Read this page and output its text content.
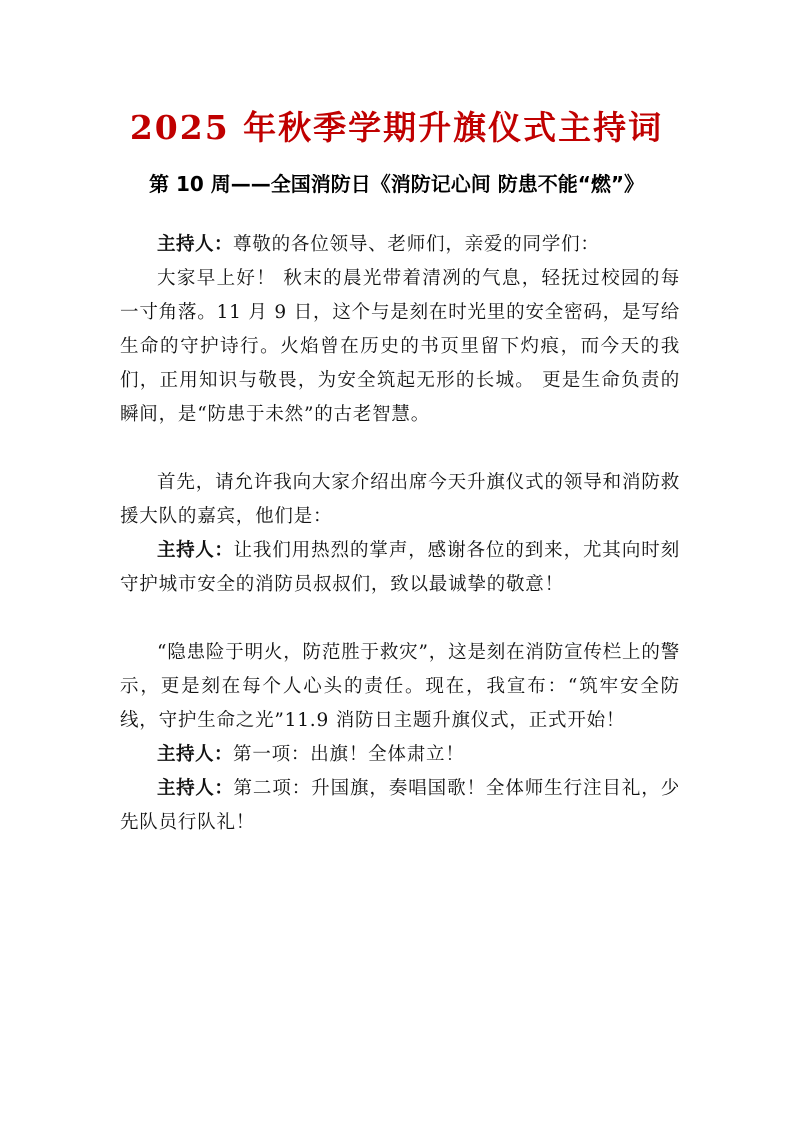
2025 年秋季学期升旗仪式主持词
第 10 周——全国消防日《消防记心间 防患不能“燃”》

主持人：尊敬的各位领导、老师们，亲爱的同学们：

大家早上好！ 秋末的晨光带着清冽的气息，轻抚过校园的每一寸角落。11 月 9 日，这个与是刻在时光里的安全密码，是写给生命的守护诗行。火焰曾在历史的书页里留下灼痕，而今天的我们，正用知识与敬畏，为安全筑起无形的长城。 更是生命负责的瞬间，是“防患于未然”的古老智慧。

首先，请允许我向大家介绍出席今天升旗仪式的领导和消防救援大队的嘉宾，他们是：

主持人：让我们用热烈的掌声，感谢各位的到来，尤其向时刻守护城市安全的消防员叔叔们，致以最诚挚的敬意！

“隐患险于明火，防范胜于救灾”，这是刻在消防宣传栏上的警示，更是刻在每个人心头的责任。现在，我宣布：“筑牢安全防线，守护生命之光”11.9 消防日主题升旗仪式，正式开始！

主持人：第一项：出旗！全体肃立！

主持人：第二项：升国旗，奏唱国歌！全体师生行注目礼，少先队员行队礼！
